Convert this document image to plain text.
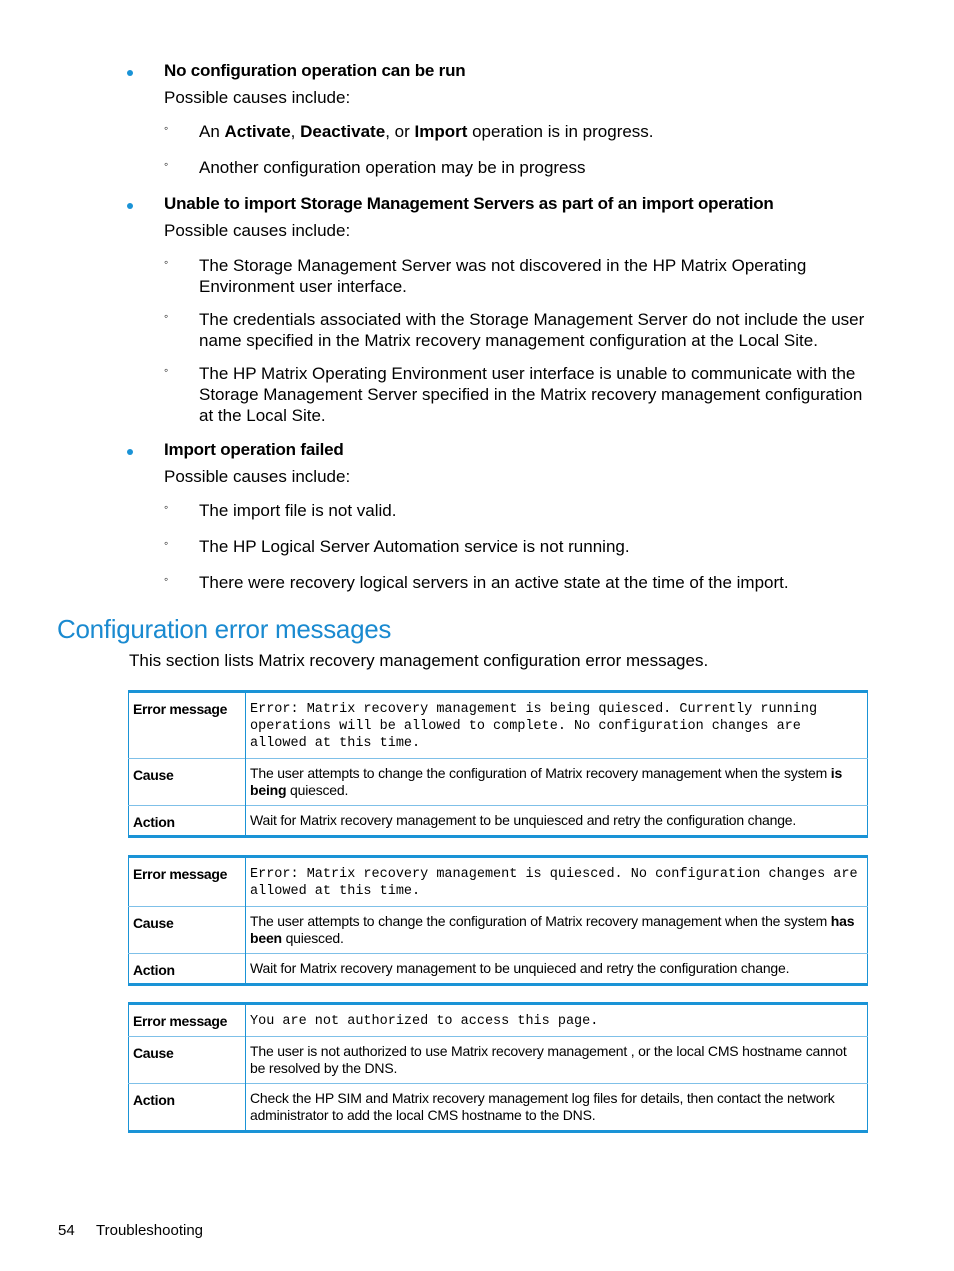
No configuration operation can be run
Possible causes include:
◦ An Activate, Deactivate, or Import operation is in progress.
◦ Another configuration operation may be in progress
Unable to import Storage Management Servers as part of an import operation
Possible causes include:
◦ The Storage Management Server was not discovered in the HP Matrix Operating Environment user interface.
◦ The credentials associated with the Storage Management Server do not include the user name specified in the Matrix recovery management configuration at the Local Site.
◦ The HP Matrix Operating Environment user interface is unable to communicate with the Storage Management Server specified in the Matrix recovery management configuration at the Local Site.
Import operation failed
Possible causes include:
◦ The import file is not valid.
◦ The HP Logical Server Automation service is not running.
◦ There were recovery logical servers in an active state at the time of the import.
Configuration error messages
This section lists Matrix recovery management configuration error messages.
Error message	Error: Matrix recovery management is being quiesced. Currently running operations will be allowed to complete. No configuration changes are allowed at this time.
Cause	The user attempts to change the configuration of Matrix recovery management when the system is being quiesced.
Action	Wait for Matrix recovery management to be unquiesced and retry the configuration change.
Error message	Error: Matrix recovery management is quiesced. No configuration changes are allowed at this time.
Cause	The user attempts to change the configuration of Matrix recovery management when the system has been quiesced.
Action	Wait for Matrix recovery management to be unquieced and retry the configuration change.
Error message	You are not authorized to access this page.
Cause	The user is not authorized to use Matrix recovery management , or the local CMS hostname cannot be resolved by the DNS.
Action	Check the HP SIM and Matrix recovery management log files for details, then contact the network administrator to add the local CMS hostname to the DNS.
54 Troubleshooting
